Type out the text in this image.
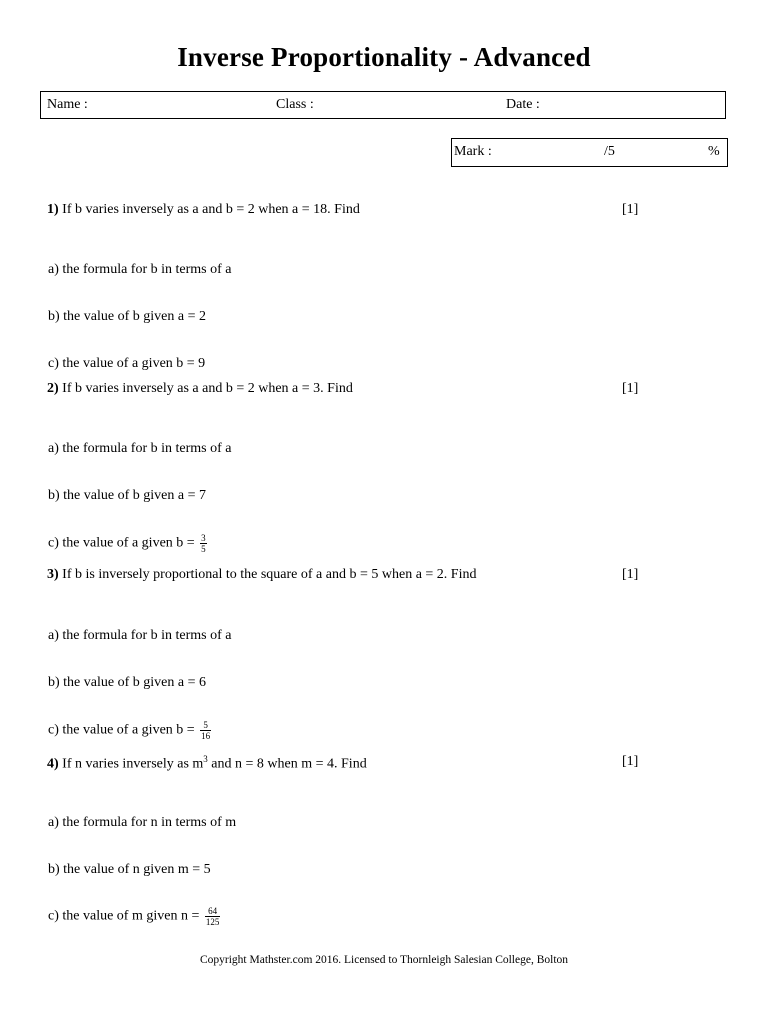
Inverse Proportionality - Advanced
Name :	Class :	Date :
Mark :	/5	%
1) If b varies inversely as a and b = 2 when a = 18. Find	[1]
a) the formula for b in terms of a
b) the value of b given a = 2
c) the value of a given b = 9
2) If b varies inversely as a and b = 2 when a = 3. Find	[1]
a) the formula for b in terms of a
b) the value of b given a = 7
c) the value of a given $b = \frac{3}{5}$
3) If b is inversely proportional to the square of a and b = 5 when a = 2. Find	[1]
a) the formula for b in terms of a
b) the value of b given a = 6
c) the value of a given $b = \frac{5}{16}$
4) If n varies inversely as $m^3$ and n = 8 when m = 4. Find	[1]
a) the formula for n in terms of m
b) the value of n given m = 5
c) the value of m given $n = \frac{64}{125}$
Copyright Mathster.com 2016. Licensed to Thornleigh Salesian College, Bolton
